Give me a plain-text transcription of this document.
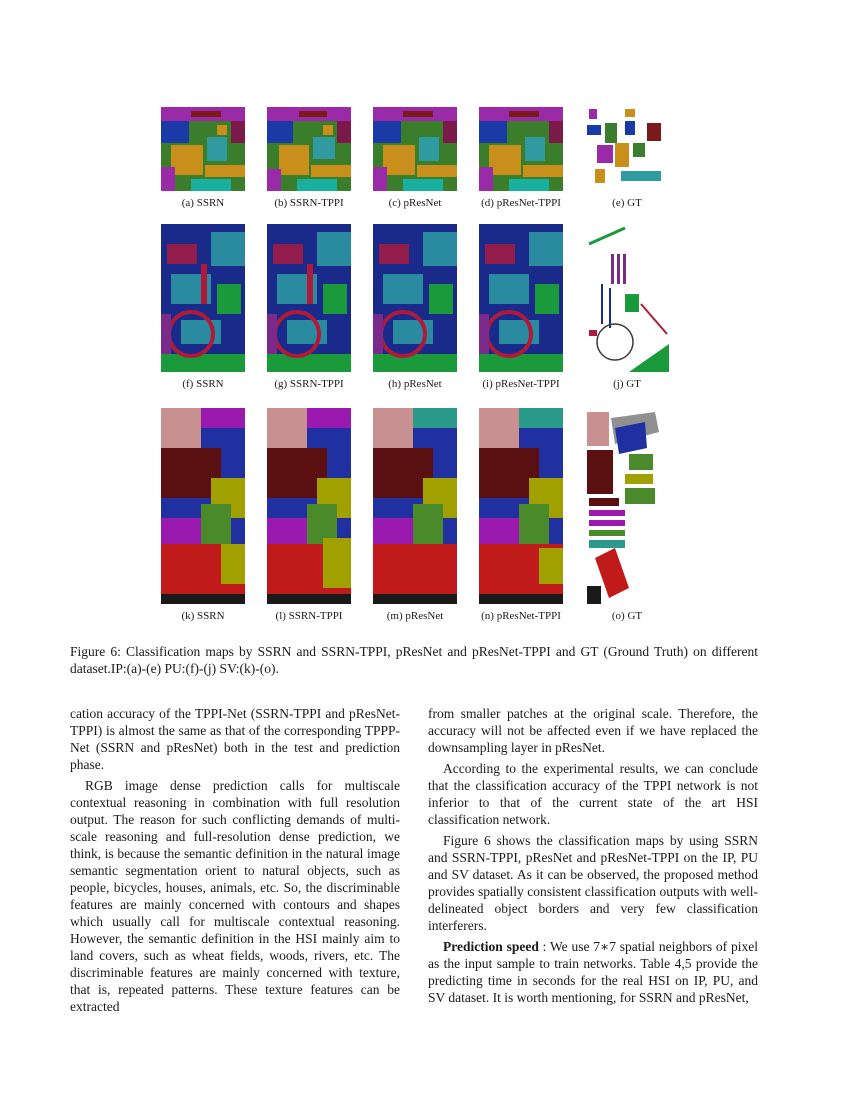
(a) SSRN	(b) SSRN-TPPI	(c) pResNet	(d) pResNet-TPPI	(e) GT
(f) SSRN	(g) SSRN-TPPI	(h) pResNet	(i) pResNet-TPPI	(j) GT
(k) SSRN	(l) SSRN-TPPI	(m) pResNet	(n) pResNet-TPPI	(o) GT
Figure 6: Classification maps by SSRN and SSRN-TPPI, pResNet and pResNet-TPPI and GT (Ground Truth) on different dataset.IP:(a)-(e) PU:(f)-(j) SV:(k)-(o).

cation accuracy of the TPPI-Net (SSRN-TPPI and pResNet-TPPI) is almost the same as that of the corresponding TPPP-Net (SSRN and pResNet) both in the test and prediction phase.

RGB image dense prediction calls for multiscale contextual reasoning in combination with full resolution output. The reason for such conflicting demands of multi-scale reasoning and full-resolution dense prediction, we think, is because the semantic definition in the natural image semantic segmentation orient to natural objects, such as people, bicycles, houses, animals, etc. So, the discriminable features are mainly concerned with contours and shapes which usually call for multiscale contextual reasoning. However, the semantic definition in the HSI mainly aim to land covers, such as wheat fields, woods, rivers, etc. The discriminable features are mainly concerned with texture, that is, repeated patterns. These texture features can be extracted

from smaller patches at the original scale. Therefore, the accuracy will not be affected even if we have replaced the downsampling layer in pResNet.

According to the experimental results, we can conclude that the classification accuracy of the TPPI network is not inferior to that of the current state of the art HSI classification network.

Figure 6 shows the classification maps by using SSRN and SSRN-TPPI, pResNet and pResNet-TPPI on the IP, PU and SV dataset. As it can be observed, the proposed method provides spatially consistent classification outputs with well-delineated object borders and very few classification interferers.

Prediction speed : We use 7∗7 spatial neighbors of pixel as the input sample to train networks. Table 4,5 provide the predicting time in seconds for the real HSI on IP, PU, and SV dataset. It is worth mentioning, for SSRN and pResNet,
